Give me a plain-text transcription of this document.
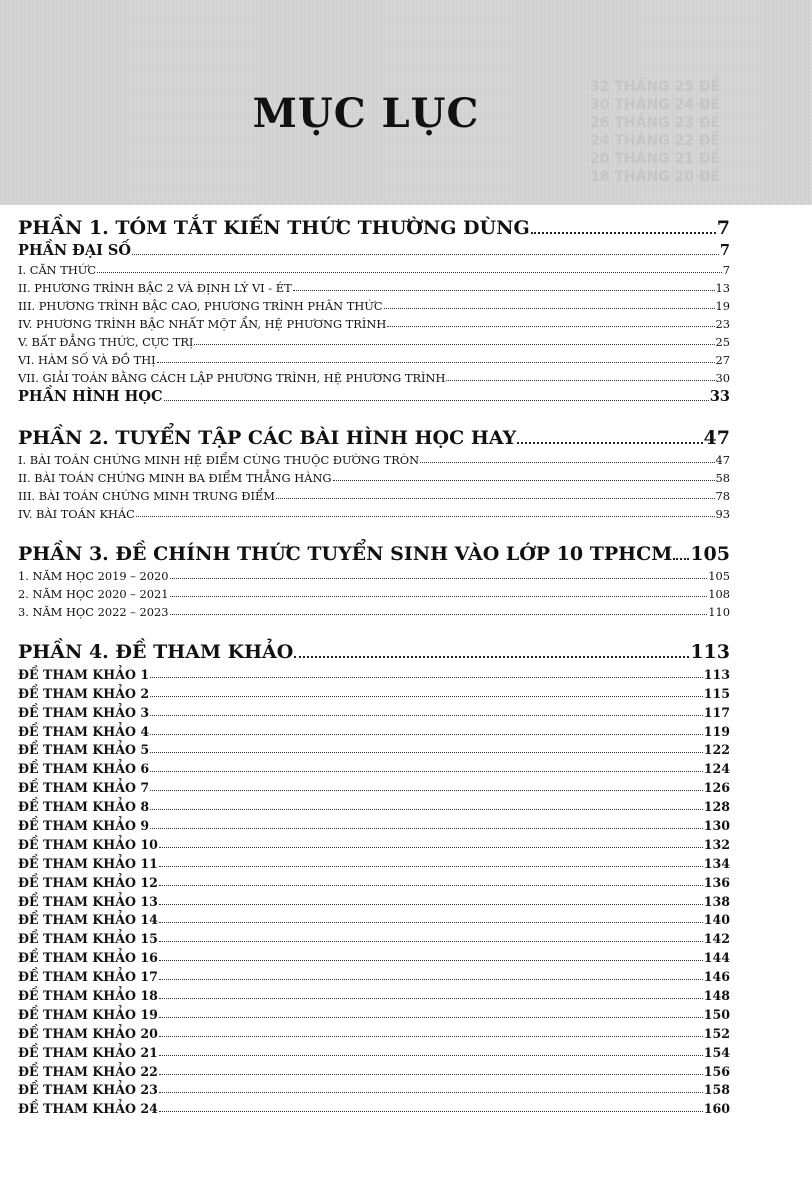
32 THÁNG 25 ĐỀ
30 THÁNG 24 ĐỀ
26 THÁNG 23 ĐỀ
24 THÁNG 22 ĐỀ
20 THÁNG 21 ĐỀ
18 THÁNG 20 ĐỀ
MỤC LỤC
PHẦN 1. TÓM TẮT KIẾN THỨC THƯỜNG DÙNG	7
PHẦN ĐẠI SỐ	7
I. CĂN THỨC	7
II. PHƯƠNG TRÌNH BẬC 2 VÀ ĐỊNH LÝ VI - ÉT	13
III. PHƯƠNG TRÌNH BẬC CAO, PHƯƠNG TRÌNH PHÂN THỨC	19
IV. PHƯƠNG TRÌNH BẬC NHẤT MỘT ẨN, HỆ PHƯƠNG TRÌNH	23
V. BẤT ĐẲNG THỨC, CỰC TRỊ	25
VI. HÀM SỐ VÀ ĐỒ THỊ	27
VII. GIẢI TOÁN BẰNG CÁCH LẬP PHƯƠNG TRÌNH, HỆ PHƯƠNG TRÌNH	30
PHẦN HÌNH HỌC	33
PHẦN 2. TUYỂN TẬP CÁC BÀI HÌNH HỌC HAY	47
I. BÀI TOÁN CHỨNG MINH HỆ ĐIỂM CÙNG THUỘC ĐƯỜNG TRÒN	47
II. BÀI TOÁN CHỨNG MINH BA ĐIỂM THẲNG HÀNG	58
III. BÀI TOÁN CHỨNG MINH TRUNG ĐIỂM	78
IV. BÀI TOÁN KHÁC	93
PHẦN 3. ĐỀ CHÍNH THỨC TUYỂN SINH VÀO LỚP 10 TPHCM 105
1. NĂM HỌC 2019 – 2020	105
2. NĂM HỌC 2020 – 2021	108
3. NĂM HỌC 2022 – 2023	110
PHẦN 4. ĐỀ THAM KHẢO	113
ĐỀ THAM KHẢO 1	113
ĐỀ THAM KHẢO 2	115
ĐỀ THAM KHẢO 3	117
ĐỀ THAM KHẢO 4	119
ĐỀ THAM KHẢO 5	122
ĐỀ THAM KHẢO 6	124
ĐỀ THAM KHẢO 7	126
ĐỀ THAM KHẢO 8	128
ĐỀ THAM KHẢO 9	130
ĐỀ THAM KHẢO 10	132
ĐỀ THAM KHẢO 11	134
ĐỀ THAM KHẢO 12	136
ĐỀ THAM KHẢO 13	138
ĐỀ THAM KHẢO 14	140
ĐỀ THAM KHẢO 15	142
ĐỀ THAM KHẢO 16	144
ĐỀ THAM KHẢO 17	146
ĐỀ THAM KHẢO 18	148
ĐỀ THAM KHẢO 19	150
ĐỀ THAM KHẢO 20	152
ĐỀ THAM KHẢO 21	154
ĐỀ THAM KHẢO 22	156
ĐỀ THAM KHẢO 23	158
ĐỀ THAM KHẢO 24	160
